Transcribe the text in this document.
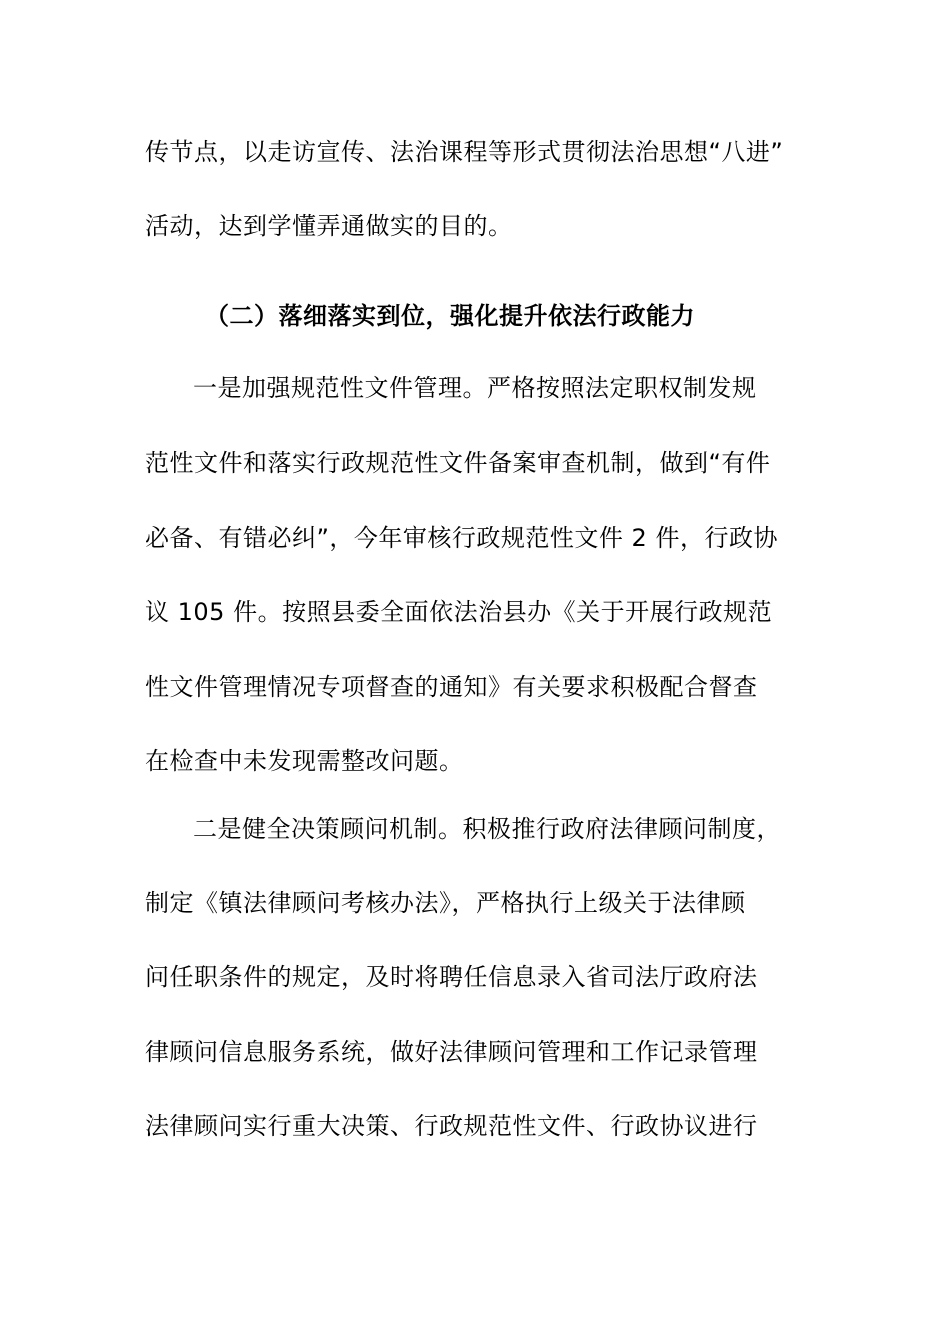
传节点，以走访宣传、法治课程等形式贯彻法治思想“八进”
活动，达到学懂弄通做实的目的。
（二）落细落实到位，强化提升依法行政能力
一是加强规范性文件管理。严格按照法定职权制发规
范性文件和落实行政规范性文件备案审查机制，做到“有件
必备、有错必纠”，今年审核行政规范性文件 2 件，行政协
议 105 件。按照县委全面依法治县办《关于开展行政规范
性文件管理情况专项督查的通知》有关要求积极配合督查
在检查中未发现需整改问题。
二是健全决策顾问机制。积极推行政府法律顾问制度，
制定《镇法律顾问考核办法》，严格执行上级关于法律顾
问任职条件的规定，及时将聘任信息录入省司法厅政府法
律顾问信息服务系统，做好法律顾问管理和工作记录管理
法律顾问实行重大决策、行政规范性文件、行政协议进行
